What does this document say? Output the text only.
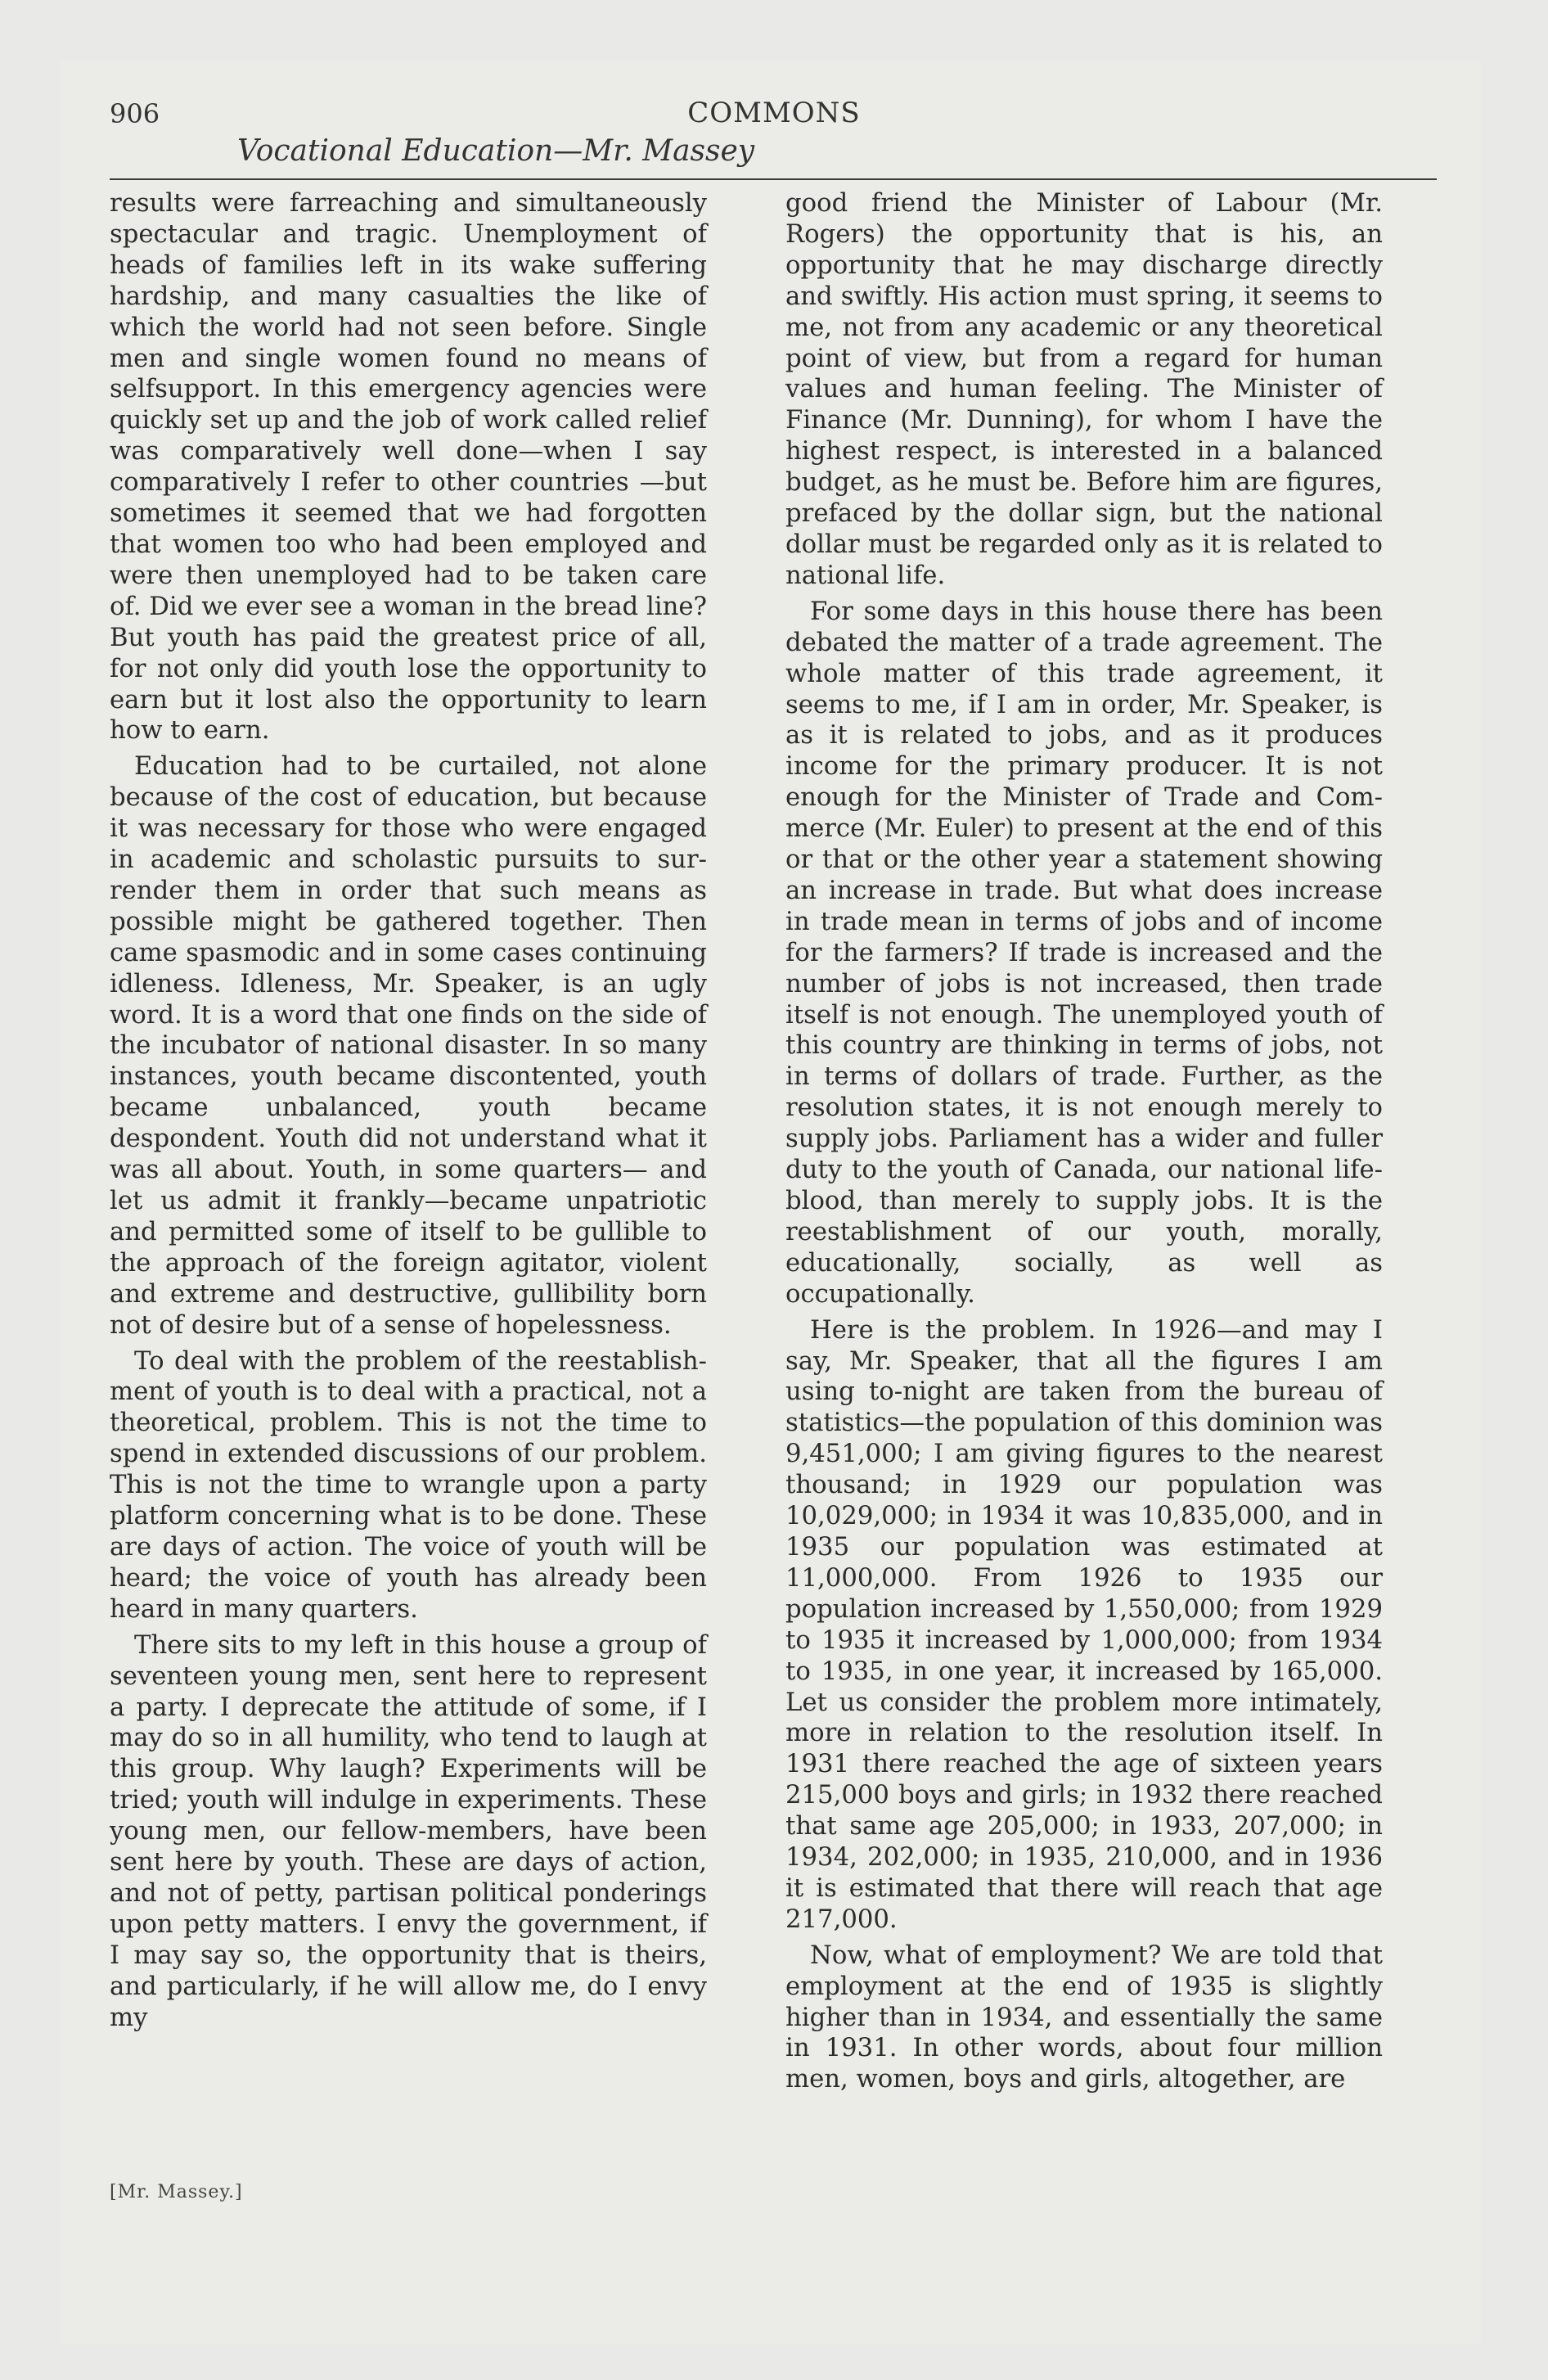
906	COMMONS
Vocational Education—Mr. Massey

results were farreaching and simultaneously spectacular and tragic. Unemployment of heads of families left in its wake suffering hardship, and many casualties the like of which the world had not seen before. Single men and single women found no means of selfsupport. In this emergency agencies were quickly set up and the job of work called relief was comparatively well done—when I say comparatively I refer to other countries —but sometimes it seemed that we had forgotten that women too who had been employed and were then unemployed had to be taken care of. Did we ever see a woman in the bread line? But youth has paid the greatest price of all, for not only did youth lose the opportunity to earn but it lost also the opportunity to learn how to earn.

Education had to be curtailed, not alone because of the cost of education, but because it was necessary for those who were engaged in academic and scholastic pursuits to surrender them in order that such means as possible might be gathered together. Then came spasmodic and in some cases continuing idleness. Idleness, Mr. Speaker, is an ugly word. It is a word that one finds on the side of the incubator of national disaster. In so many instances, youth became discontented, youth became unbalanced, youth became despondent. Youth did not understand what it was all about. Youth, in some quarters— and let us admit it frankly—became unpatriotic and permitted some of itself to be gullible to the approach of the foreign agitator, violent and extreme and destructive, gullibility born not of desire but of a sense of hopelessness.

To deal with the problem of the reestablishment of youth is to deal with a practical, not a theoretical, problem. This is not the time to spend in extended discussions of our problem. This is not the time to wrangle upon a party platform concerning what is to be done. These are days of action. The voice of youth will be heard; the voice of youth has already been heard in many quarters.

There sits to my left in this house a group of seventeen young men, sent here to represent a party. I deprecate the attitude of some, if I may do so in all humility, who tend to laugh at this group. Why laugh? Experiments will be tried; youth will indulge in experiments. These young men, our fellow-members, have been sent here by youth. These are days of action, and not of petty, partisan political ponderings upon petty matters. I envy the government, if I may say so, the opportunity that is theirs, and particularly, if he will allow me, do I envy my

good friend the Minister of Labour (Mr. Rogers) the opportunity that is his, an opportunity that he may discharge directly and swiftly. His action must spring, it seems to me, not from any academic or any theoretical point of view, but from a regard for human values and human feeling. The Minister of Finance (Mr. Dunning), for whom I have the highest respect, is interested in a balanced budget, as he must be. Before him are figures, prefaced by the dollar sign, but the national dollar must be regarded only as it is related to national life.

For some days in this house there has been debated the matter of a trade agreement. The whole matter of this trade agreement, it seems to me, if I am in order, Mr. Speaker, is as it is related to jobs, and as it produces income for the primary producer. It is not enough for the Minister of Trade and Commerce (Mr. Euler) to present at the end of this or that or the other year a statement showing an increase in trade. But what does increase in trade mean in terms of jobs and of income for the farmers? If trade is increased and the number of jobs is not increased, then trade itself is not enough. The unemployed youth of this country are thinking in terms of jobs, not in terms of dollars of trade. Further, as the resolution states, it is not enough merely to supply jobs. Parliament has a wider and fuller duty to the youth of Canada, our national life-blood, than merely to supply jobs. It is the reestablishment of our youth, morally, educationally, socially, as well as occupationally.

Here is the problem. In 1926—and may I say, Mr. Speaker, that all the figures I am using to-night are taken from the bureau of statistics—the population of this dominion was 9,451,000; I am giving figures to the nearest thousand; in 1929 our population was 10,029,000; in 1934 it was 10,835,000, and in 1935 our population was estimated at 11,000,000. From 1926 to 1935 our population increased by 1,550,000; from 1929 to 1935 it increased by 1,000,000; from 1934 to 1935, in one year, it increased by 165,000. Let us consider the problem more intimately, more in relation to the resolution itself. In 1931 there reached the age of sixteen years 215,000 boys and girls; in 1932 there reached that same age 205,000; in 1933, 207,000; in 1934, 202,000; in 1935, 210,000, and in 1936 it is estimated that there will reach that age 217,000.

Now, what of employment? We are told that employment at the end of 1935 is slightly higher than in 1934, and essentially the same in 1931. In other words, about four million men, women, boys and girls, altogether, are

[Mr. Massey.]
